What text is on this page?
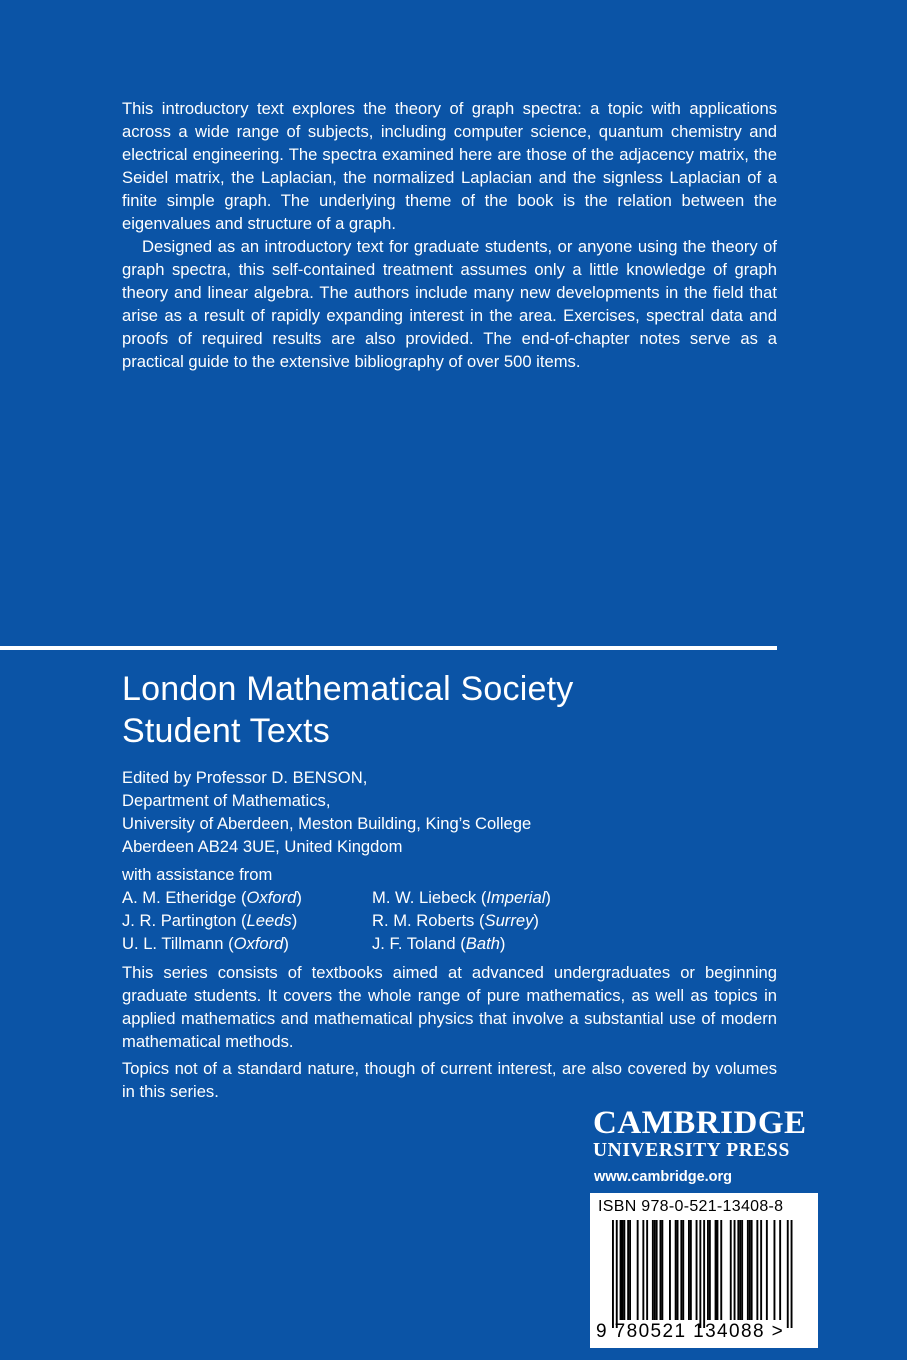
This introductory text explores the theory of graph spectra: a topic with applications across a wide range of subjects, including computer science, quantum chemistry and electrical engineering. The spectra examined here are those of the adjacency matrix, the Seidel matrix, the Laplacian, the normalized Laplacian and the signless Laplacian of a finite simple graph. The underlying theme of the book is the relation between the eigenvalues and structure of a graph.

Designed as an introductory text for graduate students, or anyone using the theory of graph spectra, this self-contained treatment assumes only a little knowledge of graph theory and linear algebra. The authors include many new developments in the field that arise as a result of rapidly expanding interest in the area. Exercises, spectral data and proofs of required results are also provided. The end-of-chapter notes serve as a practical guide to the extensive bibliography of over 500 items.

London Mathematical Society
Student Texts
Edited by Professor D. BENSON,
Department of Mathematics,
University of Aberdeen, Meston Building, King’s College
Aberdeen AB24 3UE, United Kingdom
with assistance from
A. M. Etheridge (Oxford)	M. W. Liebeck (Imperial)
J. R. Partington (Leeds)	R. M. Roberts (Surrey)
U. L. Tillmann (Oxford)	J. F. Toland (Bath)

This series consists of textbooks aimed at advanced undergraduates or beginning graduate students. It covers the whole range of pure mathematics, as well as topics in applied mathematics and mathematical physics that involve a substantial use of modern mathematical methods.

Topics not of a standard nature, though of current interest, are also covered by volumes in this series.

CAMBRIDGE
UNIVERSITY PRESS
www.cambridge.org
ISBN 978-0-521-13408-8
9 780521 134088 >
